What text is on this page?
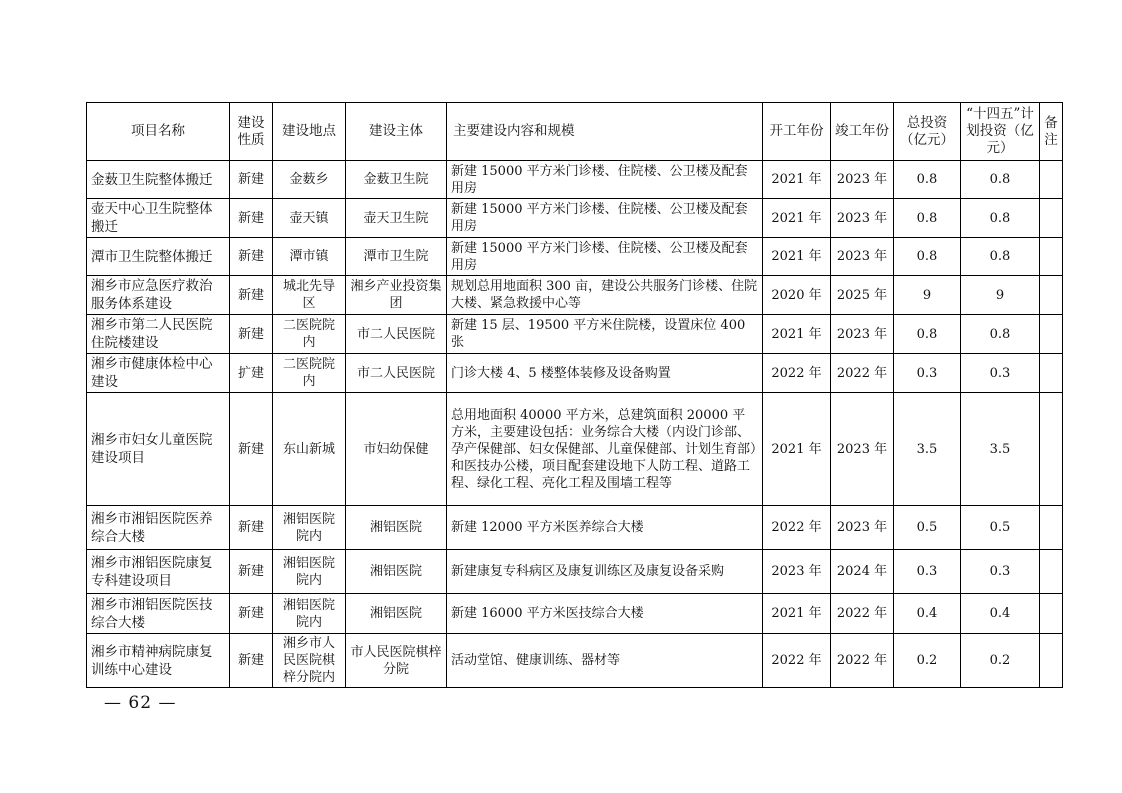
项目名称	建设性质	建设地点	建设主体	主要建设内容和规模	开工年份	竣工年份	总投资（亿元）	“十四五”计划投资（亿元）	备注
金薮卫生院整体搬迁	新建	金薮乡	金薮卫生院	新建 15000 平方米门诊楼、住院楼、公卫楼及配套用房	2021 年	2023 年	0.8	0.8	
壶天中心卫生院整体搬迁	新建	壶天镇	壶天卫生院	新建 15000 平方米门诊楼、住院楼、公卫楼及配套用房	2021 年	2023 年	0.8	0.8	
潭市卫生院整体搬迁	新建	潭市镇	潭市卫生院	新建 15000 平方米门诊楼、住院楼、公卫楼及配套用房	2021 年	2023 年	0.8	0.8	
湘乡市应急医疗救治服务体系建设	新建	城北先导区	湘乡产业投资集团	规划总用地面积 300 亩，建设公共服务门诊楼、住院大楼、紧急救援中心等	2020 年	2025 年	9	9	
湘乡市第二人民医院住院楼建设	新建	二医院院内	市二人民医院	新建 15 层、19500 平方米住院楼，设置床位 400 张	2021 年	2023 年	0.8	0.8	
湘乡市健康体检中心建设	扩建	二医院院内	市二人民医院	门诊大楼 4、5 楼整体装修及设备购置	2022 年	2022 年	0.3	0.3	
湘乡市妇女儿童医院建设项目	新建	东山新城	市妇幼保健	总用地面积 40000 平方米，总建筑面积 20000 平方米，主要建设包括：业务综合大楼（内设门诊部、孕产保健部、妇女保健部、儿童保健部、计划生育部）和医技办公楼，项目配套建设地下人防工程、道路工程、绿化工程、亮化工程及围墙工程等	2021 年	2023 年	3.5	3.5	
湘乡市湘铝医院医养综合大楼	新建	湘铝医院院内	湘铝医院	新建 12000 平方米医养综合大楼	2022 年	2023 年	0.5	0.5	
湘乡市湘铝医院康复专科建设项目	新建	湘铝医院院内	湘铝医院	新建康复专科病区及康复训练区及康复设备采购	2023 年	2024 年	0.3	0.3	
湘乡市湘铝医院医技综合大楼	新建	湘铝医院院内	湘铝医院	新建 16000 平方米医技综合大楼	2021 年	2022 年	0.4	0.4	
湘乡市精神病院康复训练中心建设	新建	湘乡市人民医院棋梓分院内	市人民医院棋梓分院	活动堂馆、健康训练、器材等	2022 年	2022 年	0.2	0.2	
— 62 —
